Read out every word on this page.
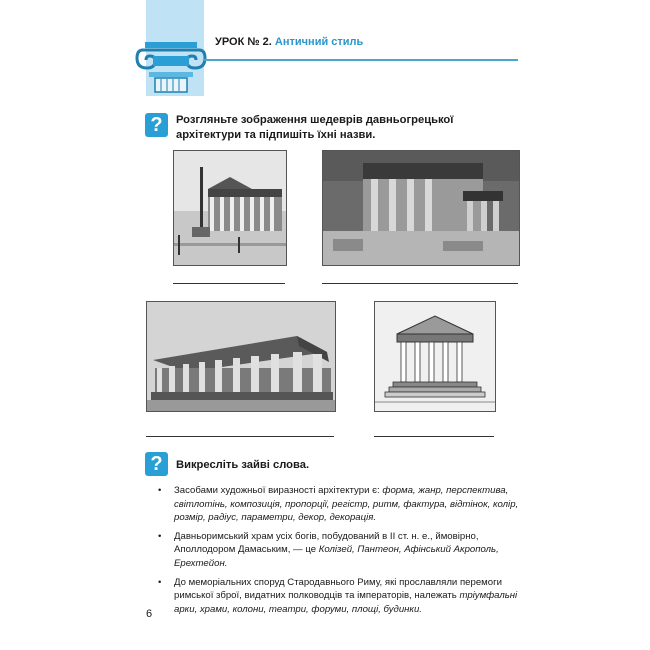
УРОК № 2. Античний стиль
?	Розгляньте зображення шедеврів давньогрецької архітектури та підпишіть їхні назви.
?	Викресліть зайві слова.
• Засобами художньої виразності архітектури є: форма, жанр, перспектива, світлотінь, композиція, пропорції, регістр, ритм, фактура, відтінок, колір, розмір, радіус, параметри, декор, декорація.
• Давньоримський храм усіх богів, побудований в ІІ ст. н. е., ймовірно, Аполлодором Дамаським, — це Колізей, Пантеон, Афінський Акрополь, Ерехтейон.
• До меморіальних споруд Стародавнього Риму, які прославляли перемоги римської зброї, видатних полководців та імператорів, належать тріумфальні арки, храми, колони, театри, форуми, площі, будинки.
6
